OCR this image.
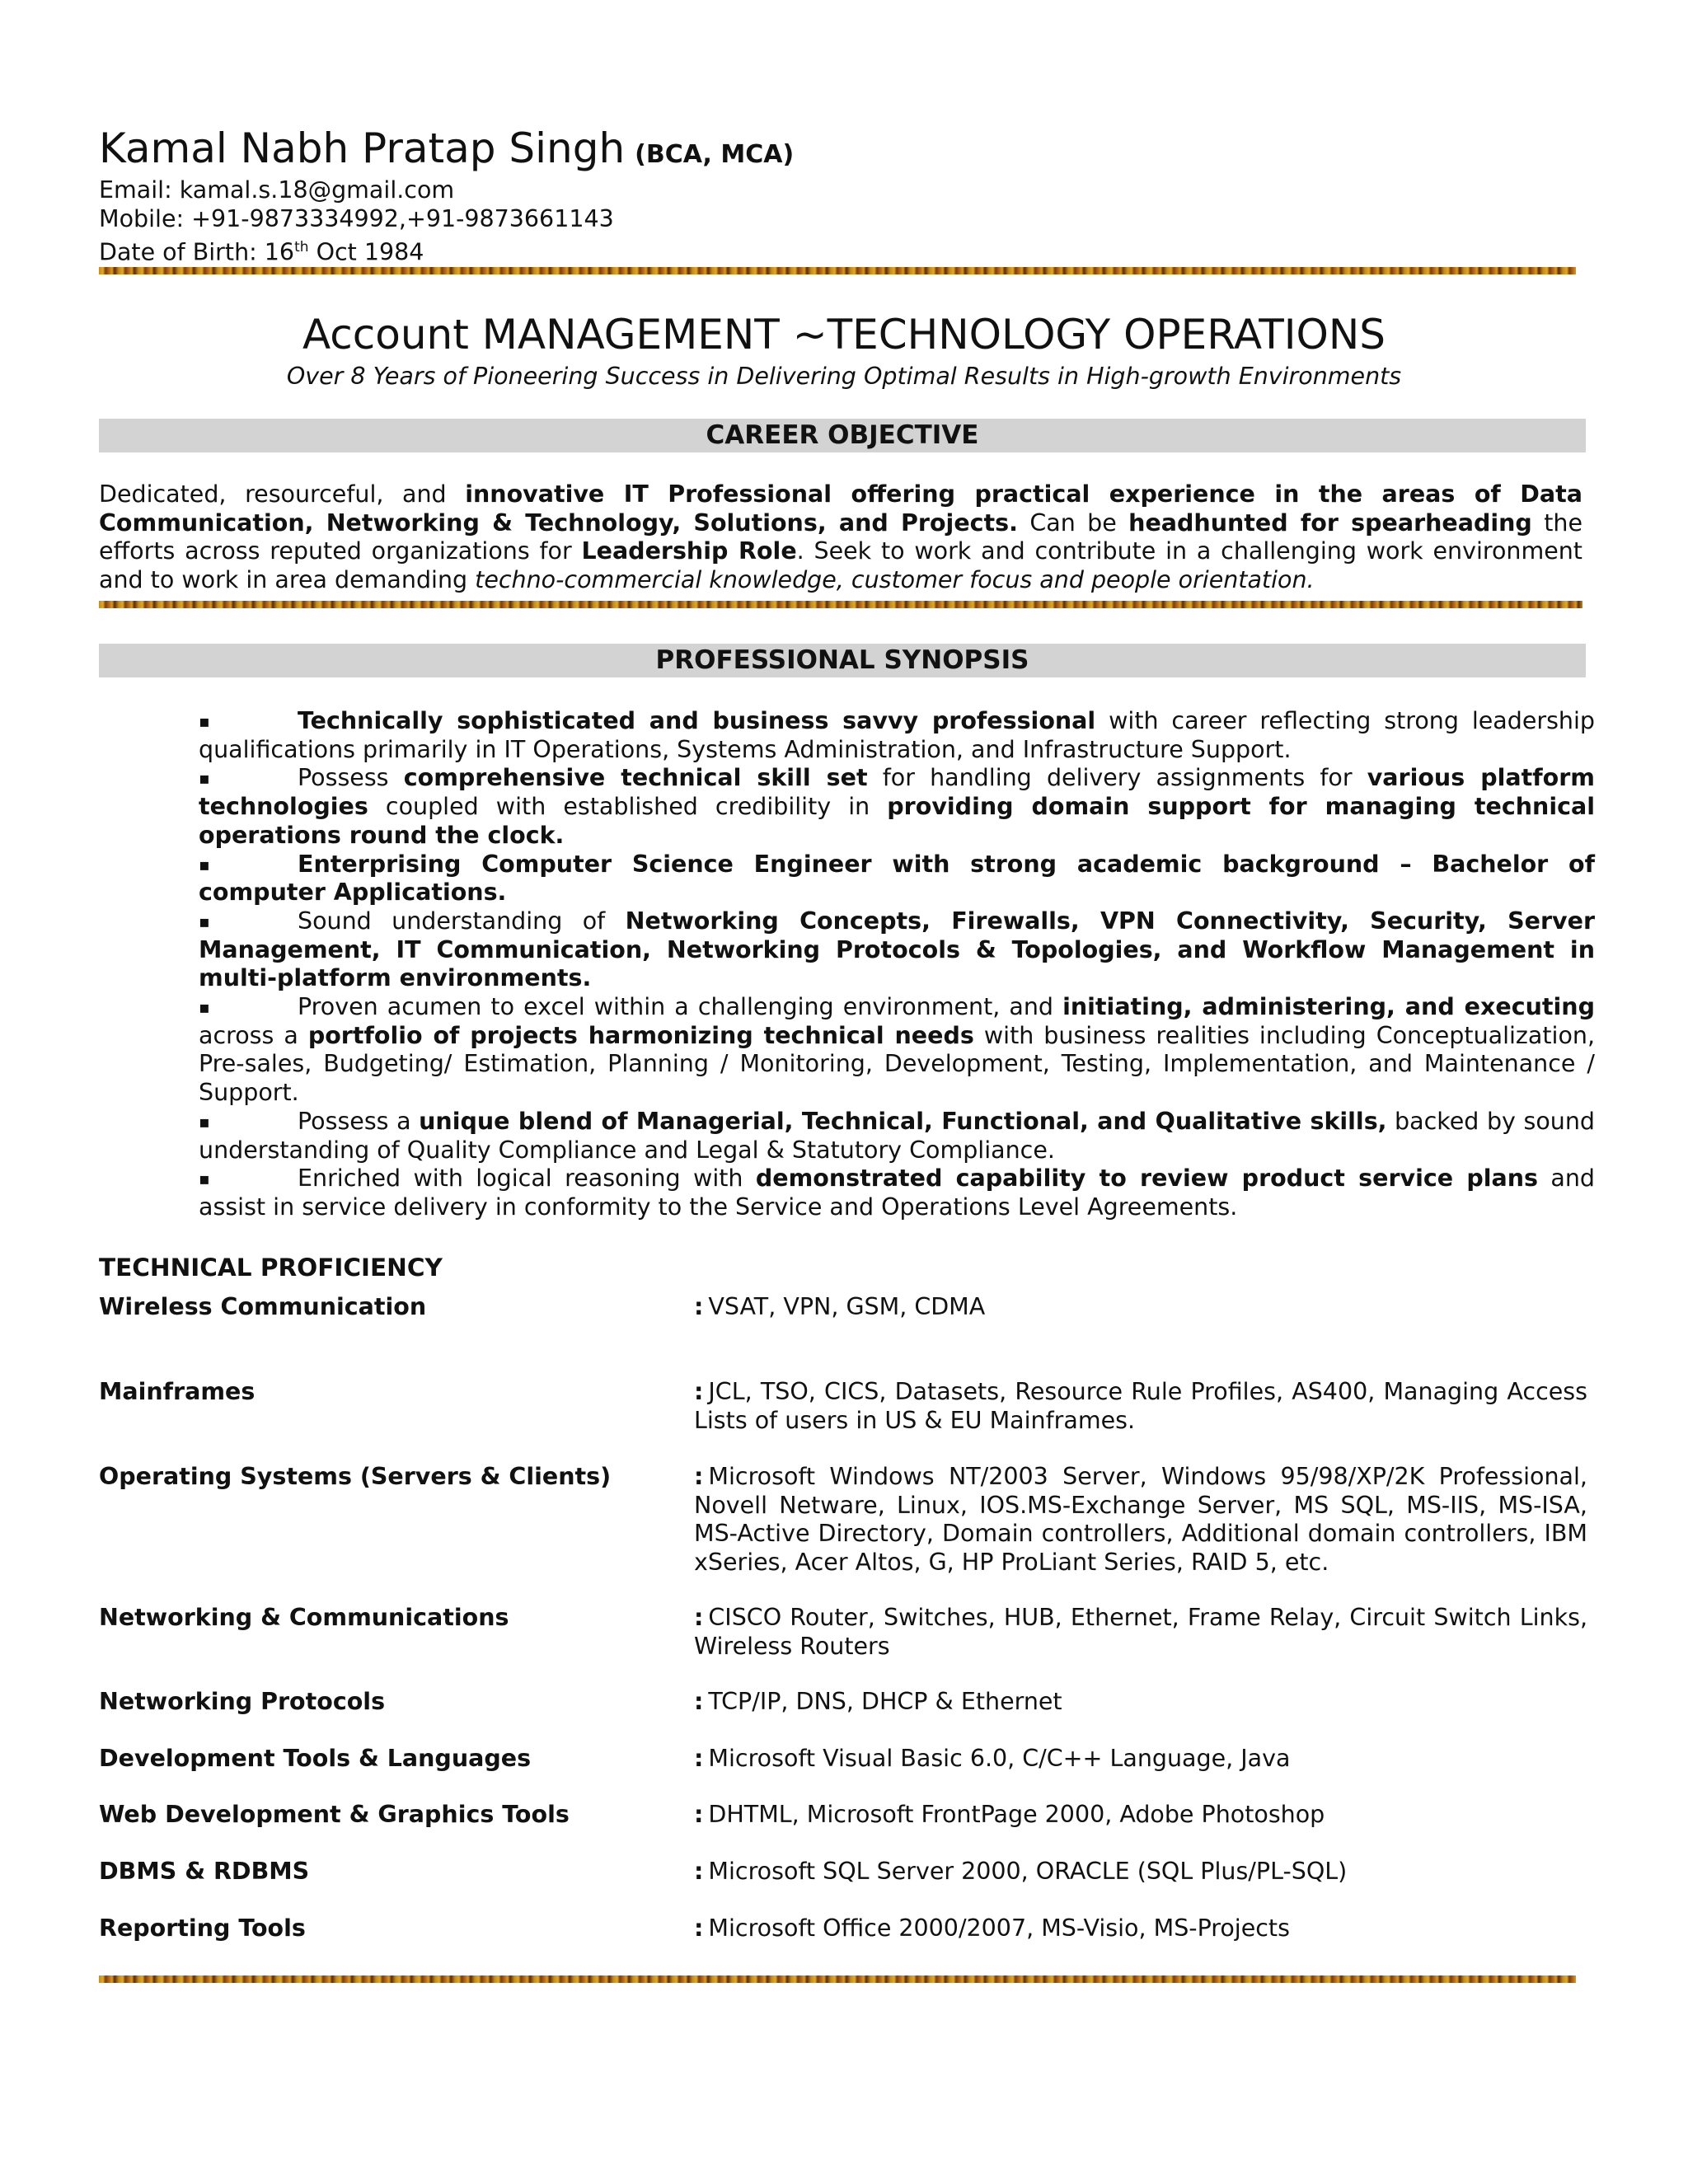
Kamal Nabh Pratap Singh (BCA, MCA)
Email: kamal.s.18@gmail.com
Mobile: +91-9873334992,+91-9873661143
Date of Birth: 16th Oct 1984
Account MANAGEMENT ~TECHNOLOGY OPERATIONS
Over 8 Years of Pioneering Success in Delivering Optimal Results in High-growth Environments
CAREER OBJECTIVE
Dedicated, resourceful, and innovative IT Professional offering practical experience in the areas of Data Communication, Networking & Technology, Solutions, and Projects. Can be headhunted for spearheading the efforts across reputed organizations for Leadership Role. Seek to work and contribute in a challenging work environment and to work in area demanding techno-commercial knowledge, customer focus and people orientation.
PROFESSIONAL SYNOPSIS
▪	Technically sophisticated and business savvy professional with career reflecting strong leadership qualifications primarily in IT Operations, Systems Administration, and Infrastructure Support.
▪	Possess comprehensive technical skill set for handling delivery assignments for various platform technologies coupled with established credibility in providing domain support for managing technical operations round the clock.
▪	Enterprising Computer Science Engineer with strong academic background – Bachelor of computer Applications.
▪	Sound understanding of Networking Concepts, Firewalls, VPN Connectivity, Security, Server Management, IT Communication, Networking Protocols & Topologies, and Workflow Management in multi-platform environments.
▪	Proven acumen to excel within a challenging environment, and initiating, administering, and executing across a portfolio of projects harmonizing technical needs with business realities including Conceptualization, Pre-sales, Budgeting/ Estimation, Planning / Monitoring, Development, Testing, Implementation, and Maintenance / Support.
▪	Possess a unique blend of Managerial, Technical, Functional, and Qualitative skills, backed by sound understanding of Quality Compliance and Legal & Statutory Compliance.
▪	Enriched with logical reasoning with demonstrated capability to review product service plans and assist in service delivery in conformity to the Service and Operations Level Agreements.
TECHNICAL PROFICIENCY
Wireless Communication	: VSAT, VPN, GSM, CDMA
Mainframes	: JCL, TSO, CICS, Datasets, Resource Rule Profiles, AS400, Managing Access Lists of users in US & EU Mainframes.
Operating Systems (Servers & Clients)	: Microsoft Windows NT/2003 Server, Windows 95/98/XP/2K Professional, Novell Netware, Linux, IOS.MS-Exchange Server, MS SQL, MS-IIS, MS-ISA, MS-Active Directory, Domain controllers, Additional domain controllers, IBM xSeries, Acer Altos, G, HP ProLiant Series, RAID 5, etc.
Networking & Communications	: CISCO Router, Switches, HUB, Ethernet, Frame Relay, Circuit Switch Links, Wireless Routers
Networking Protocols	: TCP/IP, DNS, DHCP & Ethernet
Development Tools & Languages	: Microsoft Visual Basic 6.0, C/C++ Language, Java
Web Development & Graphics Tools	: DHTML, Microsoft FrontPage 2000, Adobe Photoshop
DBMS & RDBMS	: Microsoft SQL Server 2000, ORACLE (SQL Plus/PL-SQL)
Reporting Tools	: Microsoft Office 2000/2007, MS-Visio, MS-Projects
